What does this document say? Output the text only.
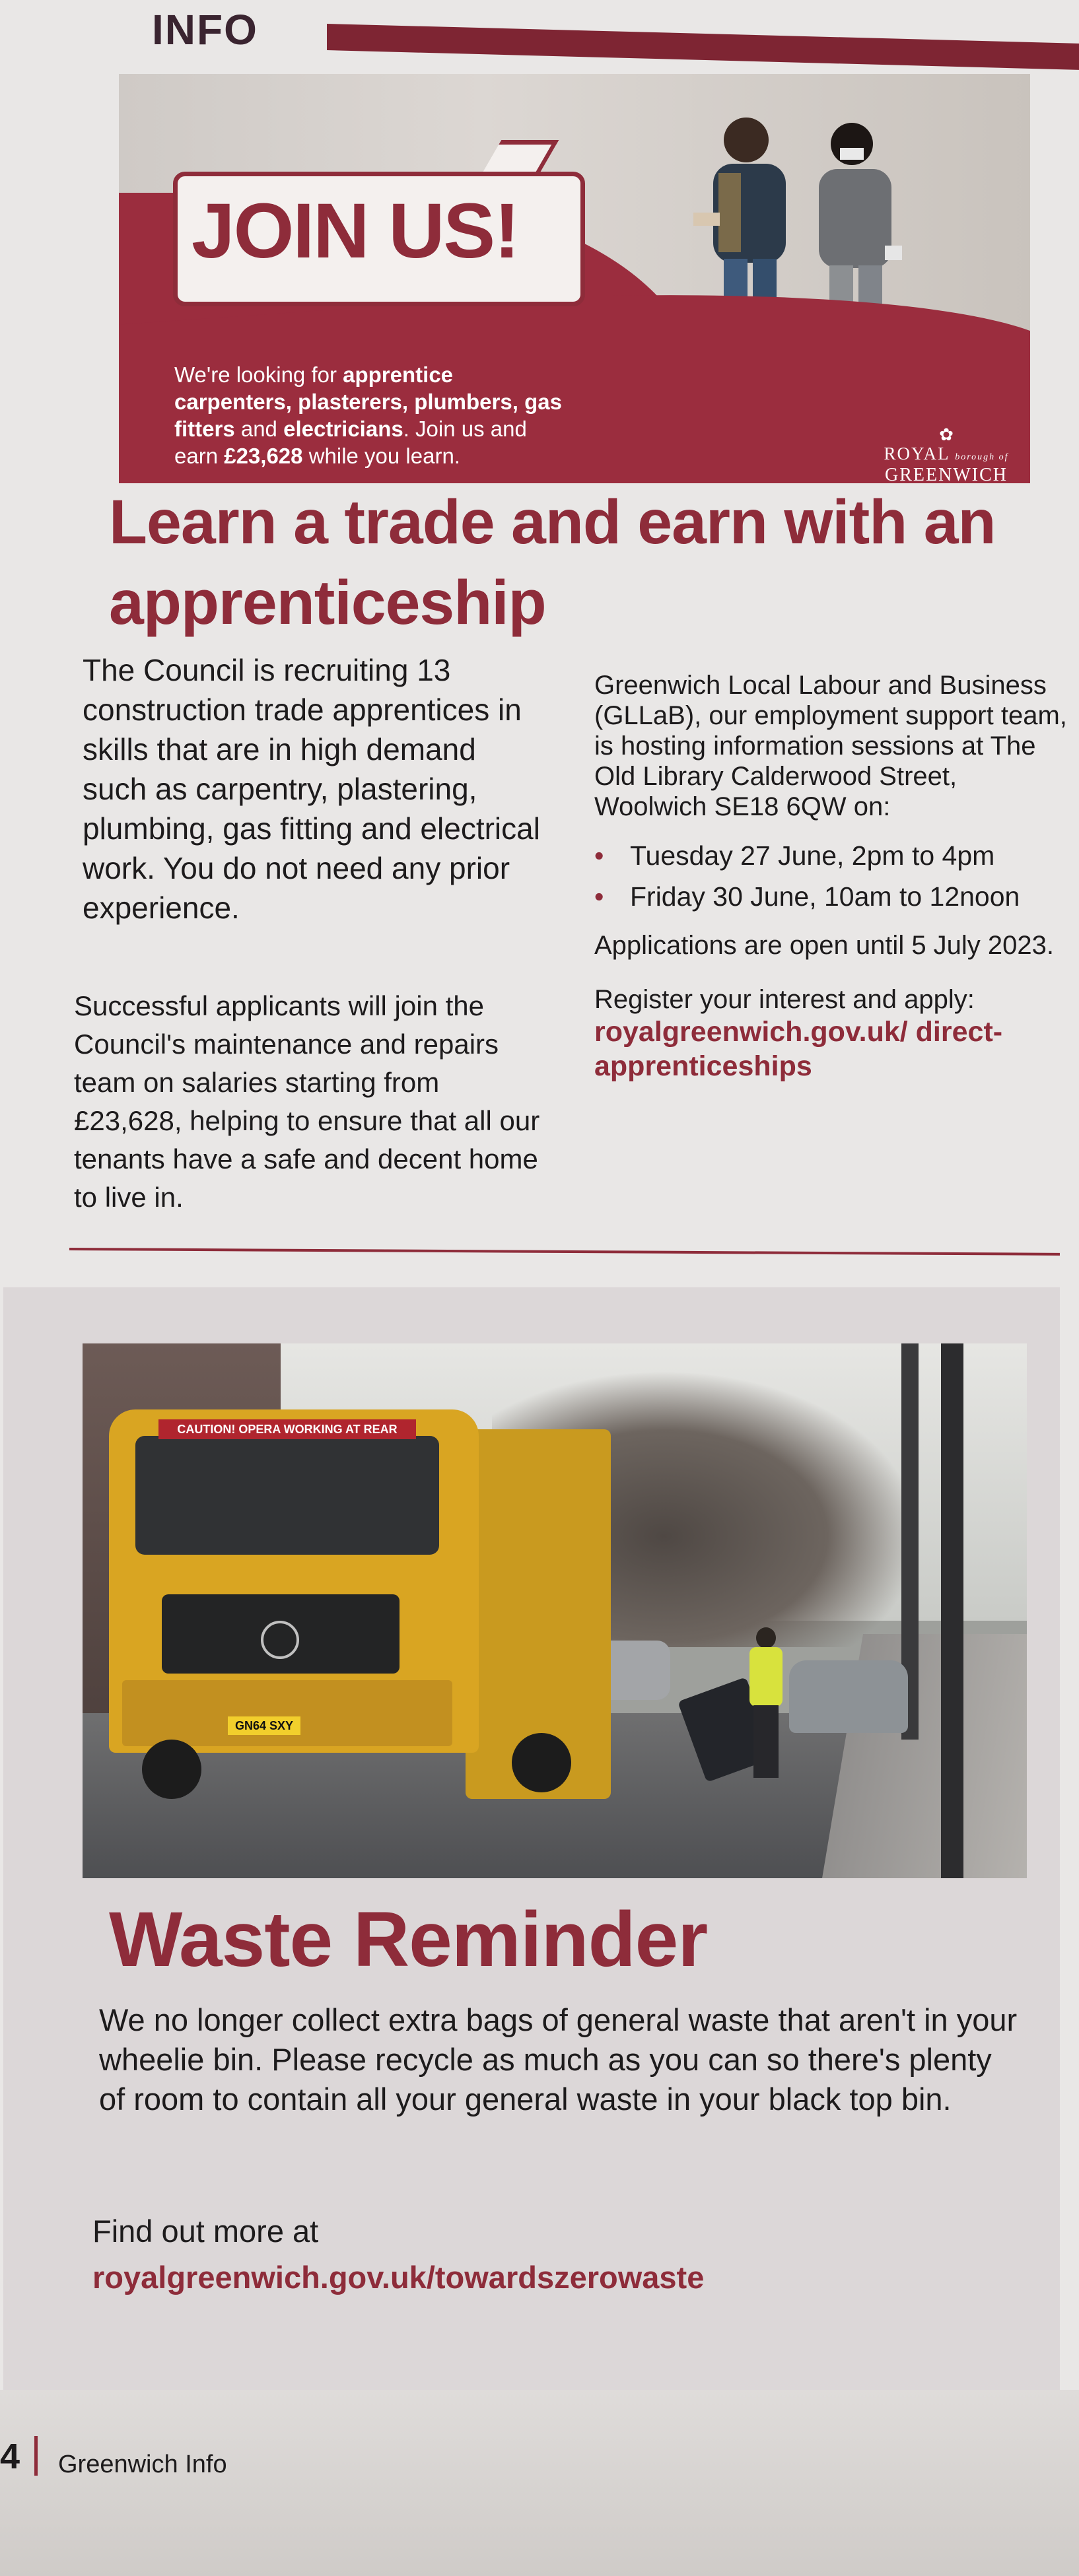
INFO
JOIN US!
We're looking for apprentice carpenters, plasterers, plumbers, gas fitters and electricians. Join us and earn £23,628 while you learn.
✿
ROYAL borough of
GREENWICH
Learn a trade and earn with an apprenticeship
The Council is recruiting 13 construction trade apprentices in skills that are in high demand such as carpentry, plastering, plumbing, gas fitting and electrical work. You do not need any prior experience.
Successful applicants will join the Council's maintenance and repairs team on salaries starting from £23,628, helping to ensure that all our tenants have a safe and decent home to live in.
Greenwich Local Labour and Business (GLLaB), our employment support team, is hosting information sessions at The Old Library Calderwood Street, Woolwich SE18 6QW on:
• Tuesday 27 June, 2pm to 4pm
• Friday 30 June, 10am to 12noon
Applications are open until 5 July 2023.
Register your interest and apply:
royalgreenwich.gov.uk/ direct-apprenticeships
CAUTION! OPERA WORKING AT REAR
GN64 SXY
Waste Reminder
We no longer collect extra bags of general waste that aren't in your wheelie bin. Please recycle as much as you can so there's plenty of room to contain all your general waste in your black top bin.
Find out more at
royalgreenwich.gov.uk/towardszerowaste
4 Greenwich Info
